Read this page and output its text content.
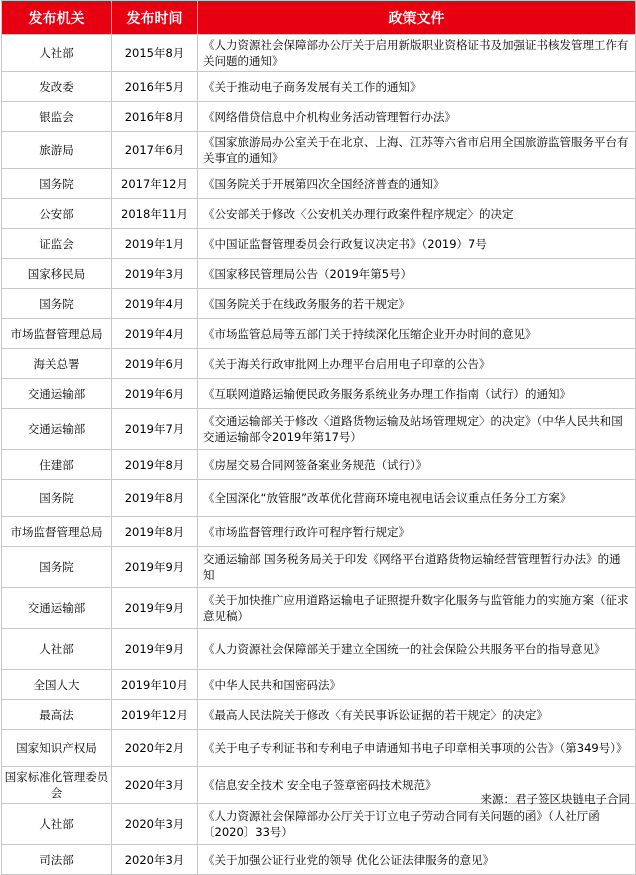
发布机关	发布时间	政策文件
人社部	2015年8月	《人力资源社会保障部办公厅关于启用新版职业资格证书及加强证书核发管理工作有关问题的通知》
发改委	2016年5月	《关于推动电子商务发展有关工作的通知》
银监会	2016年8月	《网络借贷信息中介机构业务活动管理暂行办法》
旅游局	2017年6月	《国家旅游局办公室关于在北京、上海、江苏等六省市启用全国旅游监管服务平台有关事宜的通知》
国务院	2017年12月	《国务院关于开展第四次全国经济普查的通知》
公安部	2018年11月	《公安部关于修改〈公安机关办理行政案件程序规定〉的决定
证监会	2019年1月	《中国证监督管理委员会行政复议决定书》（2019）7号
国家移民局	2019年3月	《国家移民管理局公告（2019年第5号）
国务院	2019年4月	《国务院关于在线政务服务的若干规定》
市场监督管理总局	2019年4月	《市场监管总局等五部门关于持续深化压缩企业开办时间的意见》
海关总署	2019年6月	《关于海关行政审批网上办理平台启用电子印章的公告》
交通运输部	2019年6月	《互联网道路运输便民政务服务系统业务办理工作指南（试行）的通知》
交通运输部	2019年7月	《交通运输部关于修改〈道路货物运输及站场管理规定〉的决定》（中华人民共和国交通运输部令2019年第17号）
住建部	2019年8月	《房屋交易合同网签备案业务规范（试行）》
国务院	2019年8月	《全国深化“放管服”改革优化营商环境电视电话会议重点任务分工方案》
市场监督管理总局	2019年8月	《市场监督管理行政许可程序暂行规定》
国务院	2019年9月	交通运输部 国务税务局关于印发《网络平台道路货物运输经营管理暂行办法》的通知
交通运输部	2019年9月	《关于加快推广应用道路运输电子证照提升数字化服务与监管能力的实施方案（征求意见稿）
人社部	2019年9月	《人力资源社会保障部关于建立全国统一的社会保险公共服务平台的指导意见》
全国人大	2019年10月	《中华人民共和国密码法》
最高法	2019年12月	《最高人民法院关于修改〈有关民事诉讼证据的若干规定〉的决定》
国家知识产权局	2020年2月	《关于电子专利证书和专利电子申请通知书电子印章相关事项的公告》（第349号）》
国家标准化管理委员会	2020年3月	《信息安全技术 安全电子签章密码技术规范》
人社部	2020年3月	《人力资源社会保障部办公厅关于订立电子劳动合同有关问题的函》（人社厅函〔2020〕33号）
司法部	2020年3月	《关于加强公证行业党的领导 优化公证法律服务的意见》
来源：君子签区块链电子合同
